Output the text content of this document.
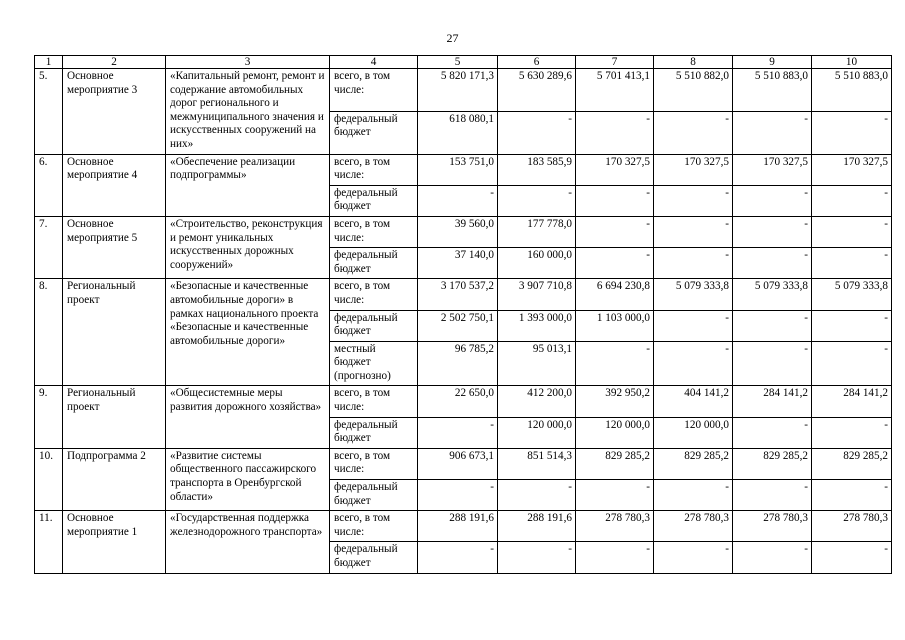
27
1	2	3	4	5	6	7	8	9	10
5.	Основное мероприятие 3	«Капитальный ремонт, ремонт и содержание автомобильных дорог регионального и межмуниципального значения и искусственных сооружений на них»	всего, в том числе:	5 820 171,3	5 630 289,6	5 701 413,1	5 510 882,0	5 510 883,0	5 510 883,0
			федеральный бюджет	618 080,1	-	-	-	-	-
6.	Основное мероприятие 4	«Обеспечение реализации подпрограммы»	всего, в том числе:	153 751,0	183 585,9	170 327,5	170 327,5	170 327,5	170 327,5
			федеральный бюджет	-	-	-	-	-	-
7.	Основное мероприятие 5	«Строительство, реконструкция и ремонт уникальных искусственных дорожных сооружений»	всего, в том числе:	39 560,0	177 778,0	-	-	-	-
			федеральный бюджет	37 140,0	160 000,0	-	-	-	-
8.	Региональный проект	«Безопасные и качественные автомобильные дороги» в рамках национального проекта «Безопасные и качественные автомобильные дороги»	всего, в том числе:	3 170 537,2	3 907 710,8	6 694 230,8	5 079 333,8	5 079 333,8	5 079 333,8
			федеральный бюджет	2 502 750,1	1 393 000,0	1 103 000,0	-	-	-
			местный бюджет (прогнозно)	96 785,2	95 013,1	-	-	-	-
9.	Региональный проект	«Общесистемные меры развития дорожного хозяйства»	всего, в том числе:	22 650,0	412 200,0	392 950,2	404 141,2	284 141,2	284 141,2
			федеральный бюджет	-	120 000,0	120 000,0	120 000,0	-	-
10.	Подпрограмма 2	«Развитие системы общественного пассажирского транспорта в Оренбургской области»	всего, в том числе:	906 673,1	851 514,3	829 285,2	829 285,2	829 285,2	829 285,2
			федеральный бюджет	-	-	-	-	-	-
11.	Основное мероприятие 1	«Государственная поддержка железнодорожного транспорта»	всего, в том числе:	288 191,6	288 191,6	278 780,3	278 780,3	278 780,3	278 780,3
			федеральный бюджет	-	-	-	-	-	-
